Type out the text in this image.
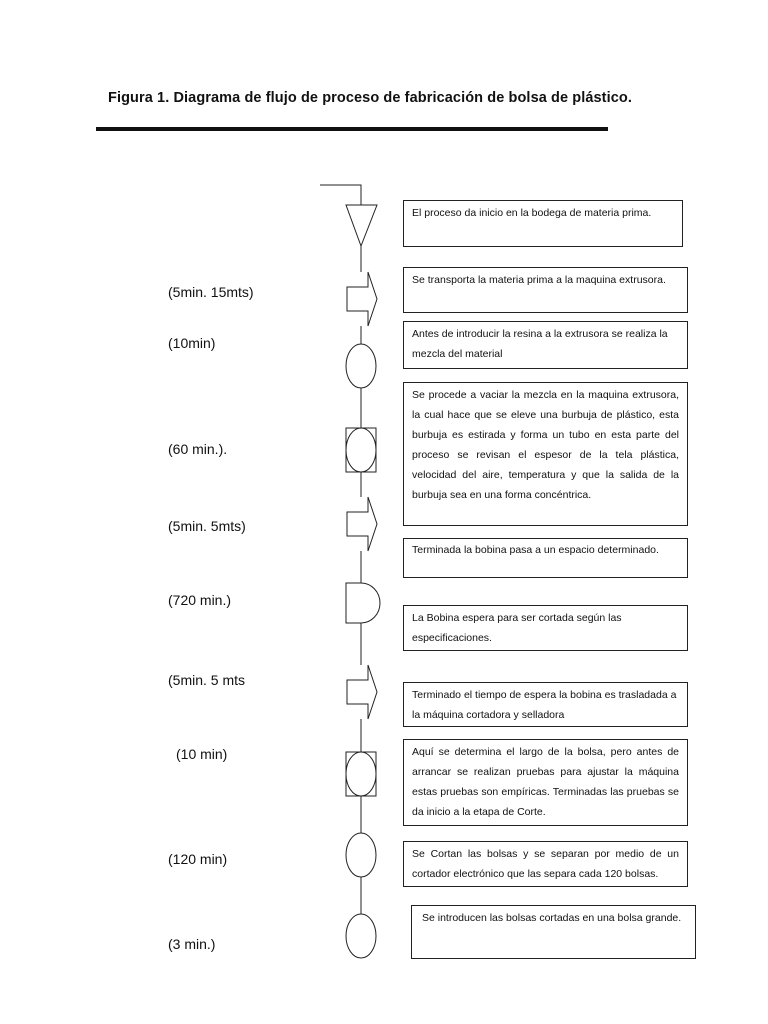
Figura 1. Diagrama de flujo de proceso de fabricación de bolsa de plástico.
(5min. 15mts)
(10min)
(60 min.).
(5min. 5mts)
(720 min.)
(5min. 5 mts
(10 min)
(120 min)
(3 min.)
El proceso da inicio en la bodega de materia prima.
Se transporta la materia prima a la maquina extrusora.
Antes de introducir la resina a la extrusora se realiza la mezcla del material
Se procede a vaciar la mezcla en la maquina extrusora, la cual hace que se eleve una burbuja de plástico, esta burbuja es estirada y forma un tubo en esta parte del proceso se revisan el espesor de la tela plástica, velocidad del aire, temperatura y que la salida de la burbuja sea en una forma concéntrica.
Terminada la bobina pasa a un espacio determinado.
La Bobina espera para ser cortada según las especificaciones.
Terminado el tiempo de espera la bobina es trasladada a la máquina cortadora y selladora
Aquí se determina el largo de la bolsa, pero antes de arrancar se realizan pruebas para ajustar la máquina estas pruebas son empíricas. Terminadas las pruebas se da inicio a la etapa de Corte.
Se Cortan las bolsas y se separan por medio de un cortador electrónico que las separa cada 120 bolsas.
Se introducen las bolsas cortadas en una bolsa grande.
